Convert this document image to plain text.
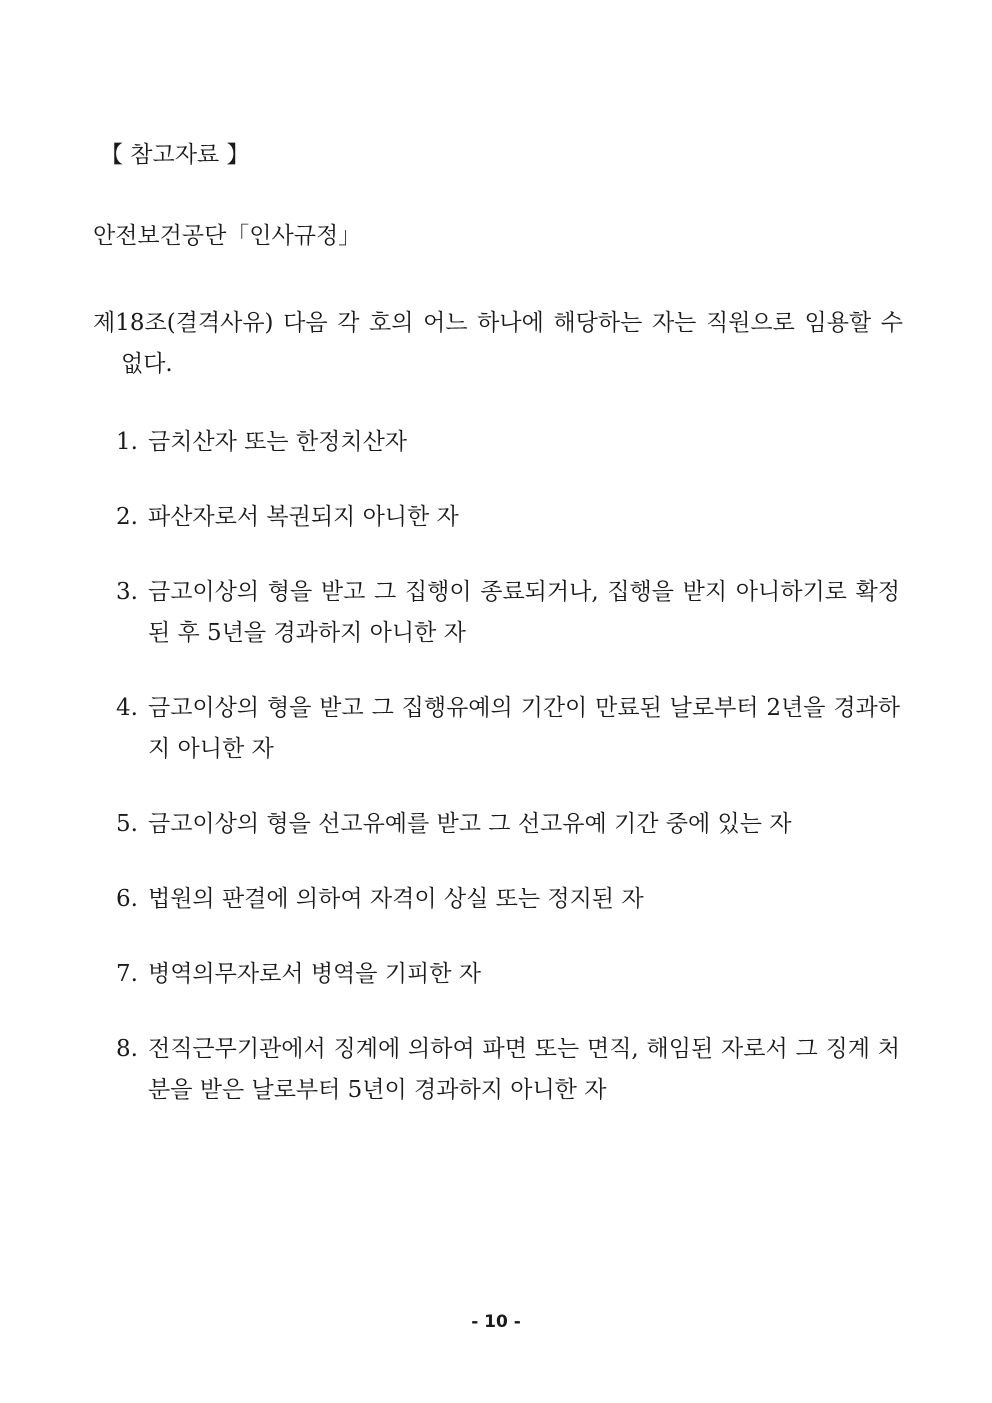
【 참고자료 】
안전보건공단「인사규정」
제18조(결격사유) 다음 각 호의 어느 하나에 해당하는 자는 직원으로 임용할 수 없다.
1. 금치산자 또는 한정치산자
2. 파산자로서 복권되지 아니한 자
3. 금고이상의 형을 받고 그 집행이 종료되거나, 집행을 받지 아니하기로 확정된 후 5년을 경과하지 아니한 자
4. 금고이상의 형을 받고 그 집행유예의 기간이 만료된 날로부터 2년을 경과하지 아니한 자
5. 금고이상의 형을 선고유예를 받고 그 선고유예 기간 중에 있는 자
6. 법원의 판결에 의하여 자격이 상실 또는 정지된 자
7. 병역의무자로서 병역을 기피한 자
8. 전직근무기관에서 징계에 의하여 파면 또는 면직, 해임된 자로서 그 징계 처분을 받은 날로부터 5년이 경과하지 아니한 자
- 10 -
